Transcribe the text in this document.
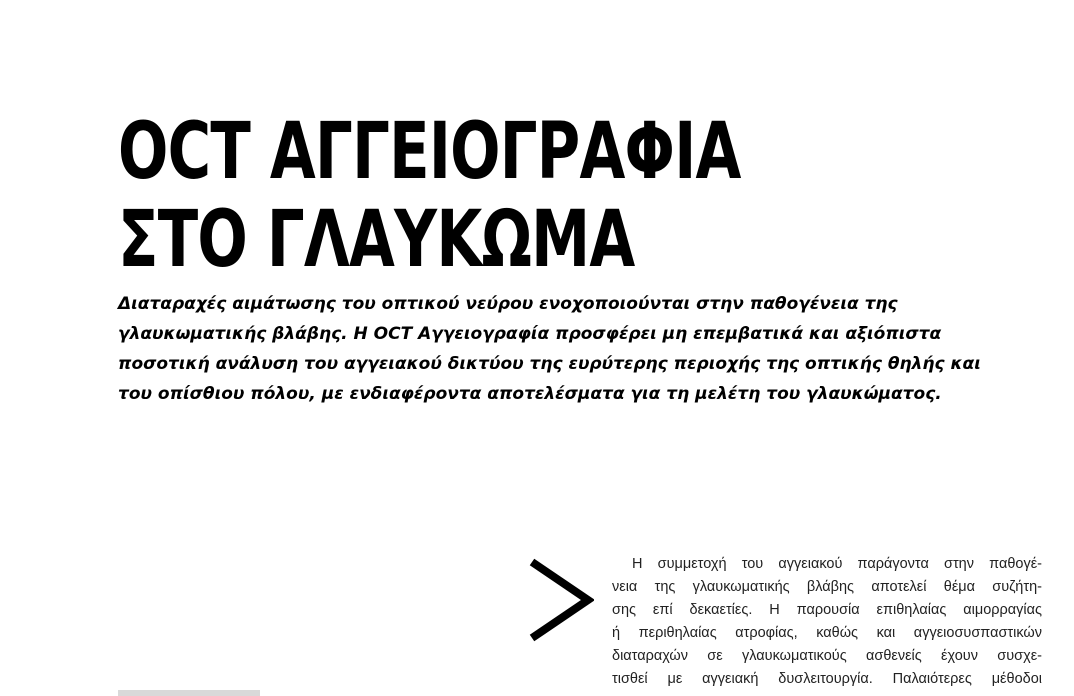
OCT ΑΓΓΕΙΟΓΡΑΦΙΑ
ΣΤΟ ΓΛΑΥΚΩΜΑ

Διαταραχές αιμάτωσης του οπτικού νεύρου ενοχοποιούνται στην παθογένεια της
γλαυκωματικής βλάβης. Η OCT Αγγειογραφία προσφέρει μη επεμβατικά και αξιόπιστα
ποσοτική ανάλυση του αγγειακού δικτύου της ευρύτερης περιοχής της οπτικής θηλής και
του οπίσθιου πόλου, με ενδιαφέροντα αποτελέσματα για τη μελέτη του γλαυκώματος.

Η συμμετοχή του αγγειακού παράγοντα στην παθογέ-
νεια της γλαυκωματικής βλάβης αποτελεί θέμα συζήτη-
σης επί δεκαετίες. Η παρουσία επιθηλαίας αιμορραγίας
ή περιθηλαίας ατροφίας, καθώς και αγγειοσυσπαστικών
διαταραχών σε γλαυκωματικούς ασθενείς έχουν συσχε-
τισθεί με αγγειακή δυσλειτουργία. Παλαιότερες μέθοδοι
